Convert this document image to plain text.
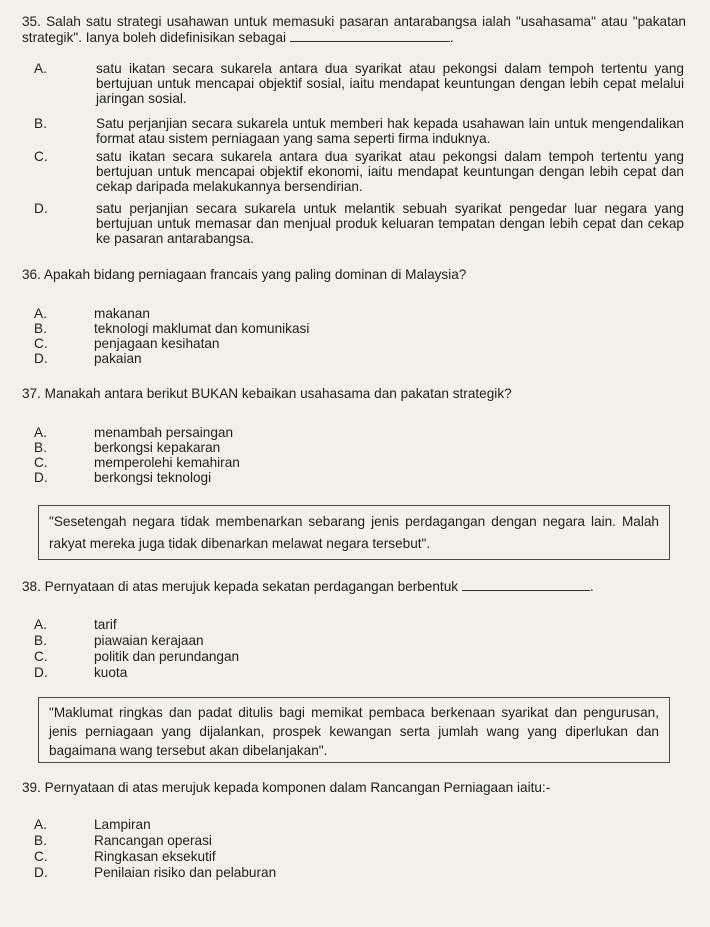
35. Salah satu strategi usahawan untuk memasuki pasaran antarabangsa ialah "usahasama" atau "pakatan strategik". Ianya boleh didefinisikan sebagai	.
A.	satu ikatan secara sukarela antara dua syarikat atau pekongsi dalam tempoh tertentu yang bertujuan untuk mencapai objektif sosial, iaitu mendapat keuntungan dengan lebih cepat melalui jaringan sosial.
B.	Satu perjanjian secara sukarela untuk memberi hak kepada usahawan lain untuk mengendalikan format atau sistem perniagaan yang sama seperti firma induknya.
C.	satu ikatan secara sukarela antara dua syarikat atau pekongsi dalam tempoh tertentu yang bertujuan untuk mencapai objektif ekonomi, iaitu mendapat keuntungan dengan lebih cepat dan cekap daripada melakukannya bersendirian.
D.	satu perjanjian secara sukarela untuk melantik sebuah syarikat pengedar luar negara yang bertujuan untuk memasar dan menjual produk keluaran tempatan dengan lebih cepat dan cekap ke pasaran antarabangsa.
36. Apakah bidang perniagaan francais yang paling dominan di Malaysia?
A.	makanan
B.	teknologi maklumat dan komunikasi
C.	penjagaan kesihatan
D.	pakaian
37. Manakah antara berikut BUKAN kebaikan usahasama dan pakatan strategik?
A.	menambah persaingan
B.	berkongsi kepakaran
C.	memperolehi kemahiran
D.	berkongsi teknologi
"Sesetengah negara tidak membenarkan sebarang jenis perdagangan dengan negara lain. Malah rakyat mereka juga tidak dibenarkan melawat negara tersebut".
38. Pernyataan di atas merujuk kepada sekatan perdagangan berbentuk	.
A.	tarif
B.	piawaian kerajaan
C.	politik dan perundangan
D.	kuota
"Maklumat ringkas dan padat ditulis bagi memikat pembaca berkenaan syarikat dan pengurusan, jenis perniagaan yang dijalankan, prospek kewangan serta jumlah wang yang diperlukan dan bagaimana wang tersebut akan dibelanjakan".
39. Pernyataan di atas merujuk kepada komponen dalam Rancangan Perniagaan iaitu:-
A.	Lampiran
B.	Rancangan operasi
C.	Ringkasan eksekutif
D.	Penilaian risiko dan pelaburan
